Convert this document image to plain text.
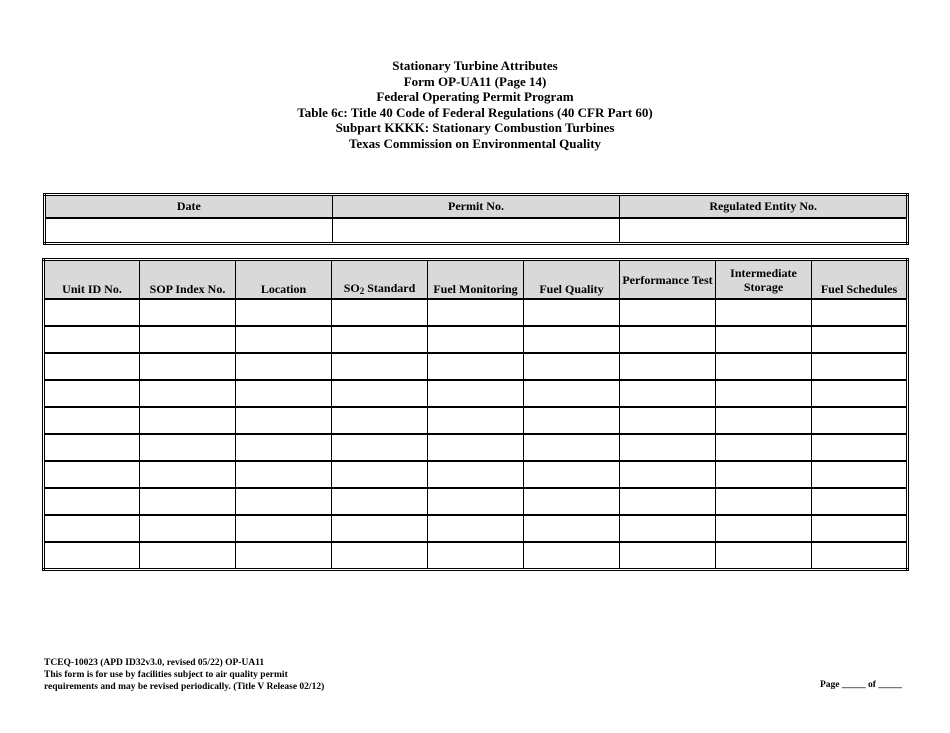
Stationary Turbine Attributes
Form OP-UA11 (Page 14)
Federal Operating Permit Program
Table 6c: Title 40 Code of Federal Regulations (40 CFR Part 60)
Subpart KKKK: Stationary Combustion Turbines
Texas Commission on Environmental Quality
Date	Permit No.	Regulated Entity No.

Unit ID No.	SOP Index No.	Location	$SO_2$ Standard	Fuel Monitoring	Fuel Quality	Performance Test	Intermediate Storage	Fuel Schedules

TCEQ-10023 (APD ID32v3.0, revised 05/22) OP-UA11
This form is for use by facilities subject to air quality permit
requirements and may be revised periodically. (Title V Release 02/12)	Page _____ of _____
